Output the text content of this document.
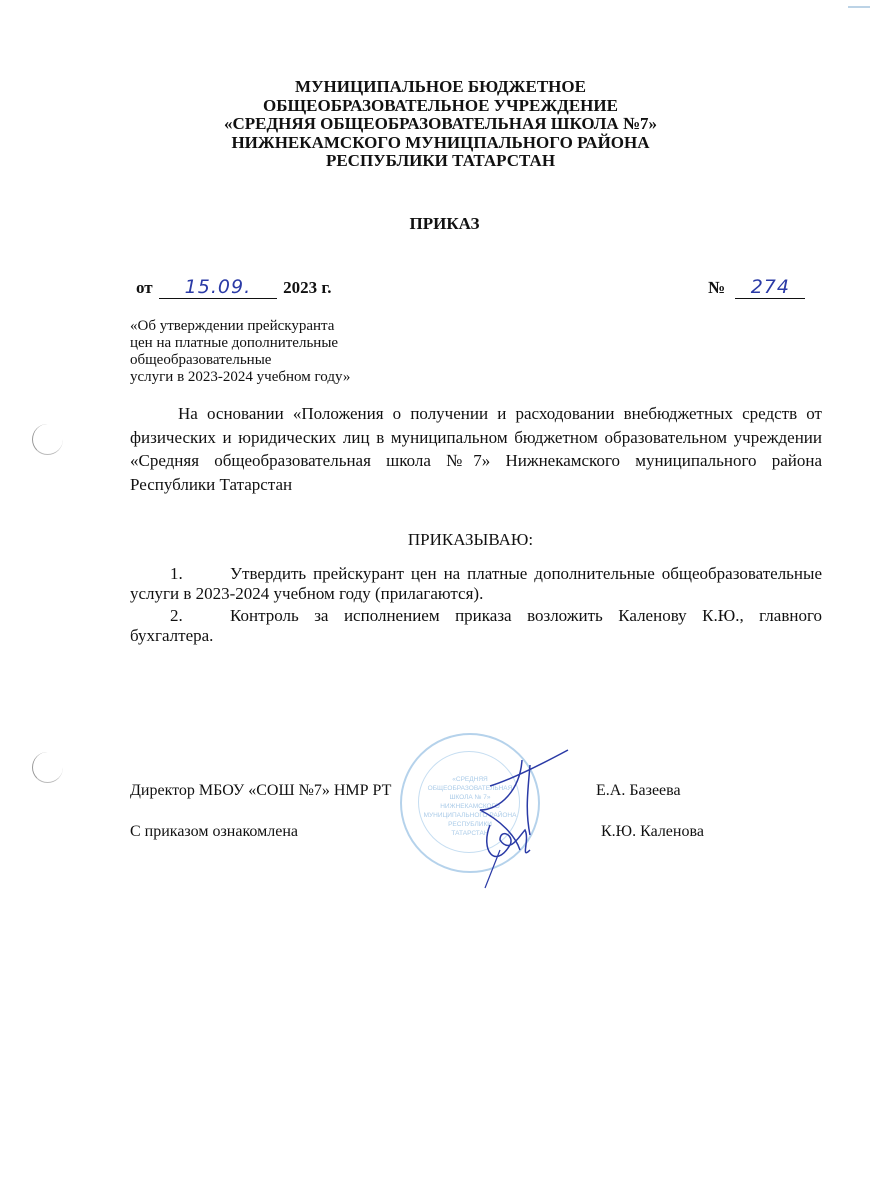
МУНИЦИПАЛЬНОЕ БЮДЖЕТНОЕ
ОБЩЕОБРАЗОВАТЕЛЬНОЕ УЧРЕЖДЕНИЕ
«СРЕДНЯЯ ОБЩЕОБРАЗОВАТЕЛЬНАЯ ШКОЛА №7»
НИЖНЕКАМСКОГО МУНИЦПАЛЬНОГО РАЙОНА
РЕСПУБЛИКИ ТАТАРСТАН
ПРИКАЗ
от 15.09. 2023 г.	№ 274
«Об утверждении прейскуранта
цен на платные дополнительные
общеобразовательные
услуги в 2023-2024 учебном году»
На основании «Положения о получении и расходовании внебюджетных средств от физических и юридических лиц в муниципальном бюджетном образовательном учреждении «Средняя общеобразовательная школа №7» Нижнекамского муниципального района Республики Татарстан
ПРИКАЗЫВАЮ:
1.	Утвердить прейскурант цен на платные дополнительные общеобразовательные услуги в 2023-2024 учебном году (прилагаются).
2.	Контроль за исполнением приказа возложить Каленову К.Ю., главного бухгалтера.
«СРЕДНЯЯ
ОБЩЕОБРАЗОВАТЕЛЬНАЯ
ШКОЛА № 7»
НИЖНЕКАМСКОГО
МУНИЦИПАЛЬНОГО РАЙОНА
РЕСПУБЛИКИ
ТАТАРСТАН
Директор МБОУ «СОШ №7» НМР РТ	Е.А. Базеева
С приказом ознакомлена	К.Ю. Каленова
